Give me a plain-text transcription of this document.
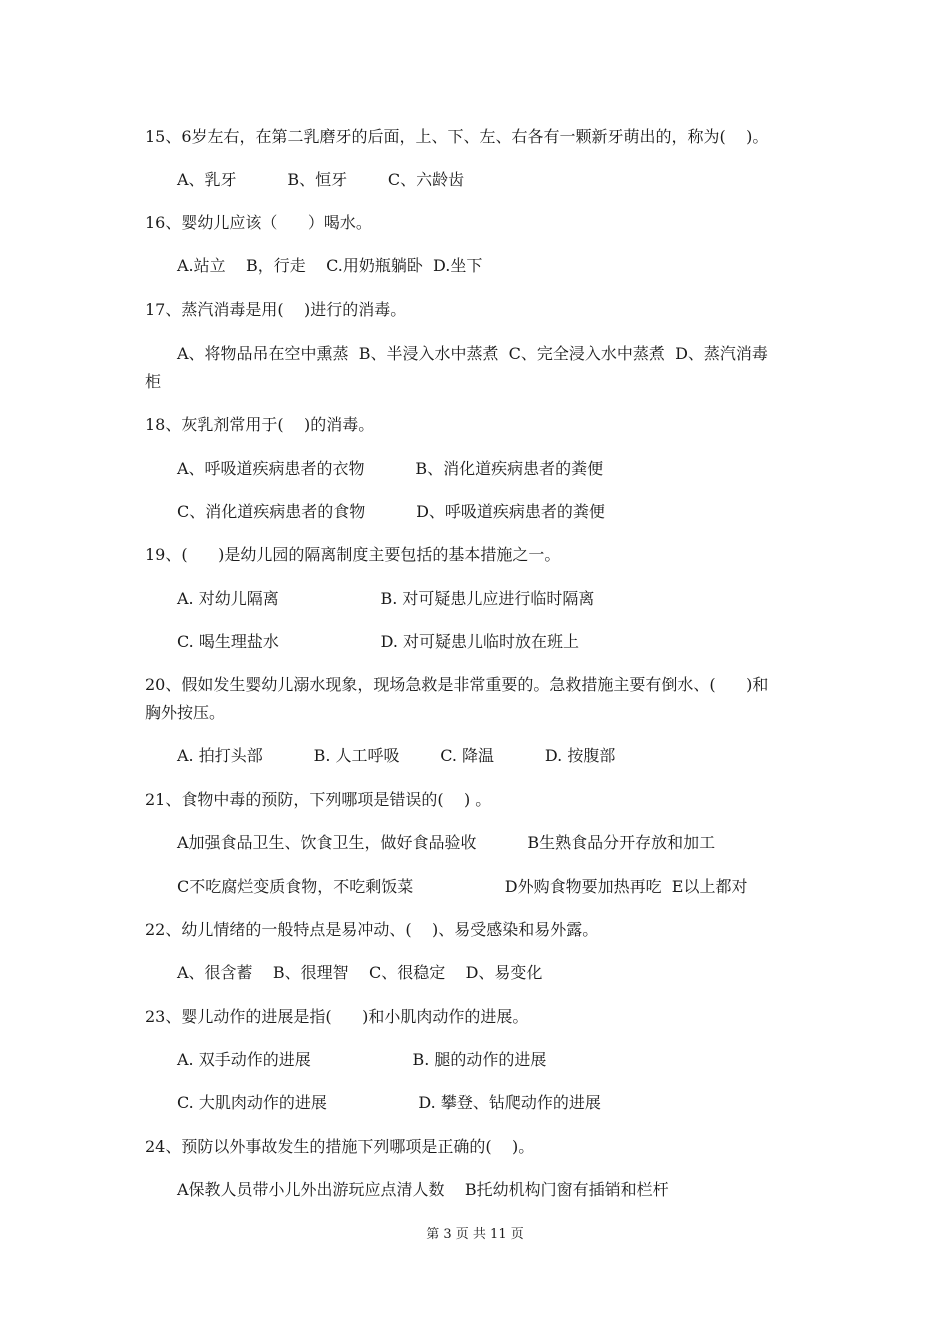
15、6岁左右，在第二乳磨牙的后面，上、下、左、右各有一颗新牙萌出的，称为(    )。
A、乳牙          B、恒牙        C、六龄齿
16、婴幼儿应该（      ）喝水。
A.站立    B，行走    C.用奶瓶躺卧  D.坐下
17、蒸汽消毒是用(    )进行的消毒。
A、将物品吊在空中熏蒸  B、半浸入水中蒸煮  C、完全浸入水中蒸煮  D、蒸汽消毒
柜
18、灰乳剂常用于(    )的消毒。
A、呼吸道疾病患者的衣物          B、消化道疾病患者的粪便
C、消化道疾病患者的食物          D、呼吸道疾病患者的粪便
19、(      )是幼儿园的隔离制度主要包括的基本措施之一。
A. 对幼儿隔离                    B. 对可疑患儿应进行临时隔离
C. 喝生理盐水                    D. 对可疑患儿临时放在班上
20、假如发生婴幼儿溺水现象，现场急救是非常重要的。急救措施主要有倒水、(      )和
胸外按压。
A. 拍打头部          B. 人工呼吸        C. 降温          D. 按腹部
21、食物中毒的预防，下列哪项是错误的(    ) 。
A加强食品卫生、饮食卫生，做好食品验收          B生熟食品分开存放和加工
C不吃腐烂变质食物，不吃剩饭菜                  D外购食物要加热再吃  E以上都对
22、幼儿情绪的一般特点是易冲动、(    )、易受感染和易外露。
A、很含蓄    B、很理智    C、很稳定    D、易变化
23、婴儿动作的进展是指(      )和小肌肉动作的进展。
A. 双手动作的进展                    B. 腿的动作的进展
C. 大肌肉动作的进展                  D. 攀登、钻爬动作的进展
24、预防以外事故发生的措施下列哪项是正确的(    )。
A保教人员带小儿外出游玩应点清人数    B托幼机构门窗有插销和栏杆
第 3 页 共 11 页
